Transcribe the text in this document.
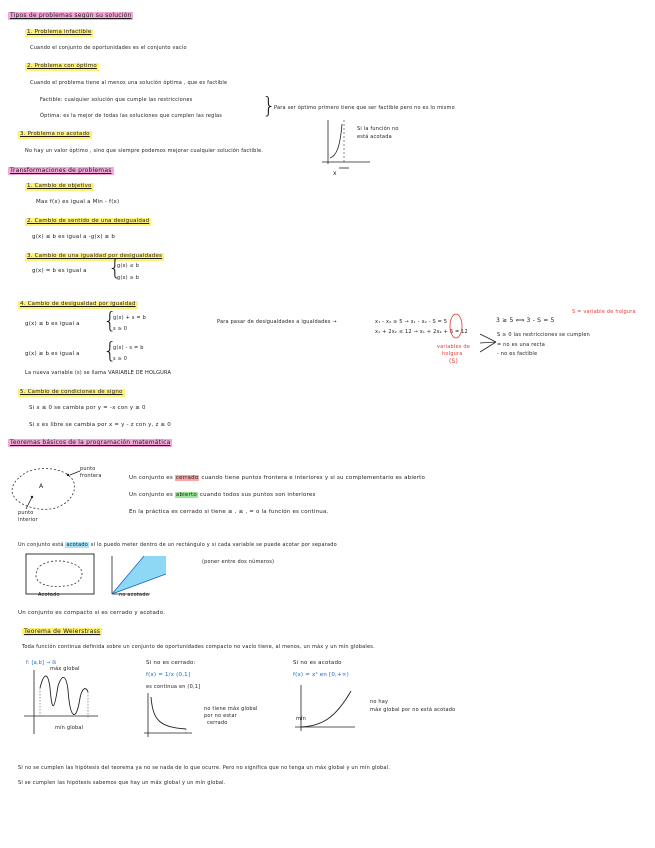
Tipos de problemas según su solución
1. Problema infactible
Cuando el conjunto de oportunidades es el conjunto vacío
2. Problema con óptimo
Cuando el problema tiene al menos una solución óptima , que es factible
Factible: cualquier solución que cumple las restricciones
Óptima: es la mejor de todas las soluciones que cumplen las reglas }
Para ser óptimo primero tiene que ser factible pero no es lo mismo
3. Problema no acotado
No hay un valor óptimo , sino que siempre podemos mejorar cualquier solución factible.
Si la función no
está acotada
x
Transformaciones de problemas
1. Cambio de objetivo
Max f(x) es igual a Min - f(x)
2. Cambio de sentido de una desigualdad
g(x) ≤ b es igual a -g(x) ≥ b
3. Cambio de una igualdad por desigualdades
g(x) = b es igual a {
g(x) ≤ b
g(x) ≥ b
4. Cambio de desigualdad por igualdad
g(x) ≤ b es igual a {
g(x) + s = b
s ≥ 0
g(x) ≥ b es igual a {
g(x) - s = b
s ≥ 0
La nueva variable (s) se llama VARIABLE DE HOLGURA
Para pasar de desigualdades a igualdades →	x₁ - x₂ ≥ 5 → x₁ - x₂ - S = 5
x₁ + 2x₂ ≤ 12 → x₁ + 2x₂ + S = 12
variables de
holgura
(S)
3 ≥ 5 ⟺ 3 - S = 5
S = variable de holgura
S ≥ 0 las restricciones se cumplen
= no es una recta
- no es factible
5. Cambio de condiciones de signo
Si x ≤ 0 se cambia por y = -x con y ≥ 0
Si x es libre se cambia por x = y - z con y, z ≥ 0
Teoremas básicos de la programación matemática
A
punto
frontera
punto
interior
Un conjunto es cerrado cuando tiene puntos frontera e interiores y si su complementario es abierto
Un conjunto es abierto cuando todos sus puntos son interiores
En la práctica es cerrado si tiene ≥ , ≤ , = o la función es continua.
Un conjunto está acotado si lo puedo meter dentro de un rectángulo y si cada variable se puede acotar por separado
Acotado	no acotado
(poner entre dos números)
Un conjunto es compacto si es cerrado y acotado.
Teorema de Weierstrass
Toda función continua definida sobre un conjunto de oportunidades compacto no vacío tiene, al menos, un máx y un mín globales.
f: [a,b] → ℝ
máx global
mín global
Si no es cerrado:
f(x) = 1/x (0,1]
es continua en (0,1]
no tiene máx global
por no estar
cerrado
Si no es acotado
f(x) = x² en [0,+∞)
mín
no hay
máx global por no está acotado
Si no se cumplen las hipótesis del teorema ya no se nada de lo que ocurre. Pero no significa que no tenga un máx global y un mín global.
Si se cumplen las hipótesis sabemos que hay un máx global y un mín global.
